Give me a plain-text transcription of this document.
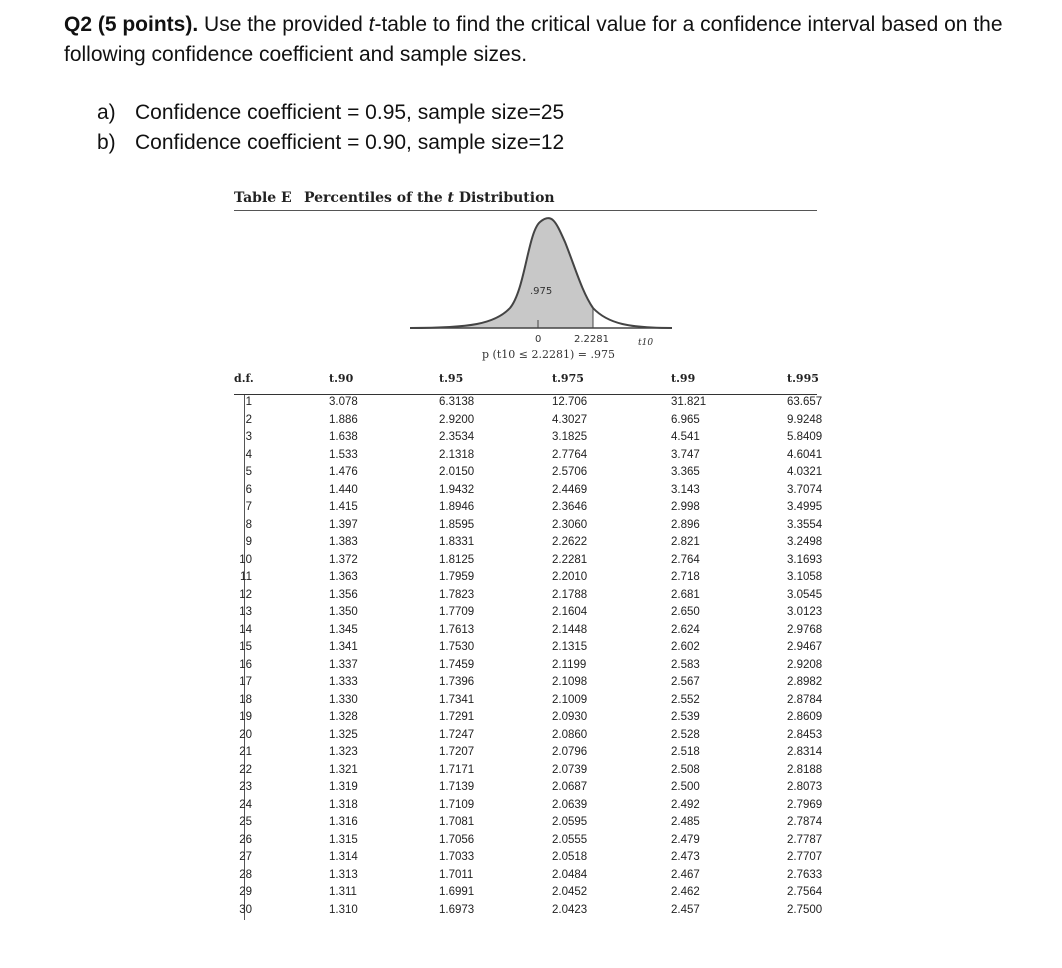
Q2 (5 points). Use the provided t-table to find the critical value for a confidence interval based on the following confidence coefficient and sample sizes.
a) Confidence coefficient = 0.95, sample size=25
b) Confidence coefficient = 0.90, sample size=12
Table E Percentiles of the t Distribution
.975
0	2.2281	t10
p (t10 ≤ 2.2281) = .975
d.f.	t.90	t.95	t.975	t.99	t.995
1	3.078	6.3138	12.706	31.821	63.657
2	1.886	2.9200	4.3027	6.965	9.9248
3	1.638	2.3534	3.1825	4.541	5.8409
4	1.533	2.1318	2.7764	3.747	4.6041
5	1.476	2.0150	2.5706	3.365	4.0321
6	1.440	1.9432	2.4469	3.143	3.7074
7	1.415	1.8946	2.3646	2.998	3.4995
8	1.397	1.8595	2.3060	2.896	3.3554
9	1.383	1.8331	2.2622	2.821	3.2498
10	1.372	1.8125	2.2281	2.764	3.1693
11	1.363	1.7959	2.2010	2.718	3.1058
12	1.356	1.7823	2.1788	2.681	3.0545
13	1.350	1.7709	2.1604	2.650	3.0123
14	1.345	1.7613	2.1448	2.624	2.9768
15	1.341	1.7530	2.1315	2.602	2.9467
16	1.337	1.7459	2.1199	2.583	2.9208
17	1.333	1.7396	2.1098	2.567	2.8982
18	1.330	1.7341	2.1009	2.552	2.8784
19	1.328	1.7291	2.0930	2.539	2.8609
20	1.325	1.7247	2.0860	2.528	2.8453
21	1.323	1.7207	2.0796	2.518	2.8314
22	1.321	1.7171	2.0739	2.508	2.8188
23	1.319	1.7139	2.0687	2.500	2.8073
24	1.318	1.7109	2.0639	2.492	2.7969
25	1.316	1.7081	2.0595	2.485	2.7874
26	1.315	1.7056	2.0555	2.479	2.7787
27	1.314	1.7033	2.0518	2.473	2.7707
28	1.313	1.7011	2.0484	2.467	2.7633
29	1.311	1.6991	2.0452	2.462	2.7564
30	1.310	1.6973	2.0423	2.457	2.7500
